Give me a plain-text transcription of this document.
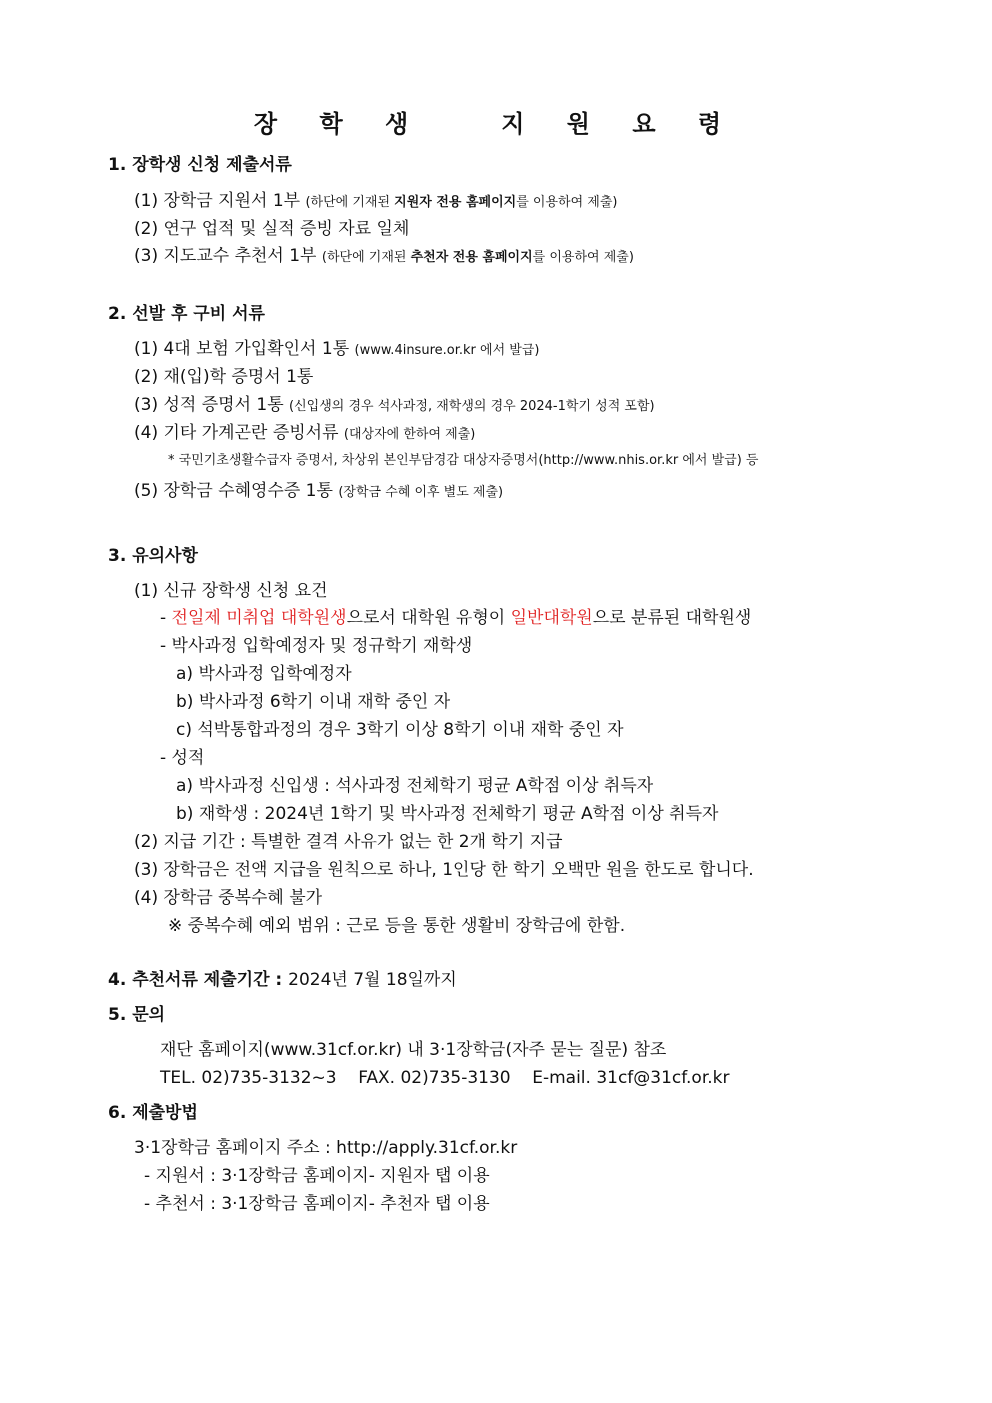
장 학 생   지 원 요 령
1. 장학생 신청 제출서류
(1) 장학금 지원서 1부 (하단에 기재된 지원자 전용 홈페이지를 이용하여 제출)
(2) 연구 업적 및 실적 증빙 자료 일체
(3) 지도교수 추천서 1부 (하단에 기재된 추천자 전용 홈페이지를 이용하여 제출)
2. 선발 후 구비 서류
(1) 4대 보험 가입확인서 1통 (www.4insure.or.kr 에서 발급)
(2) 재(입)학 증명서 1통
(3) 성적 증명서 1통 (신입생의 경우 석사과정, 재학생의 경우 2024-1학기 성적 포함)
(4) 기타 가계곤란 증빙서류 (대상자에 한하여 제출)
* 국민기초생활수급자 증명서, 차상위 본인부담경감 대상자증명서(http://www.nhis.or.kr 에서 발급) 등
(5) 장학금 수혜영수증 1통 (장학금 수혜 이후 별도 제출)
3. 유의사항
(1) 신규 장학생 신청 요건
- 전일제 미취업 대학원생으로서 대학원 유형이 일반대학원으로 분류된 대학원생
- 박사과정 입학예정자 및 정규학기 재학생
a) 박사과정 입학예정자
b) 박사과정 6학기 이내 재학 중인 자
c) 석박통합과정의 경우 3학기 이상 8학기 이내 재학 중인 자
- 성적
a) 박사과정 신입생 : 석사과정 전체학기 평균 A학점 이상 취득자
b) 재학생 : 2024년 1학기 및 박사과정 전체학기 평균 A학점 이상 취득자
(2) 지급 기간 : 특별한 결격 사유가 없는 한 2개 학기 지급
(3) 장학금은 전액 지급을 원칙으로 하나, 1인당 한 학기 오백만 원을 한도로 합니다.
(4) 장학금 중복수혜 불가
※ 중복수혜 예외 범위 : 근로 등을 통한 생활비 장학금에 한함.
4. 추천서류 제출기간 : 2024년 7월 18일까지
5. 문의
재단 홈페이지(www.31cf.or.kr) 내 3·1장학금(자주 묻는 질문) 참조
TEL. 02)735-3132~3    FAX. 02)735-3130    E-mail. 31cf@31cf.or.kr
6. 제출방법
3·1장학금 홈페이지 주소 : http://apply.31cf.or.kr
- 지원서 : 3·1장학금 홈페이지- 지원자 탭 이용
- 추천서 : 3·1장학금 홈페이지- 추천자 탭 이용
